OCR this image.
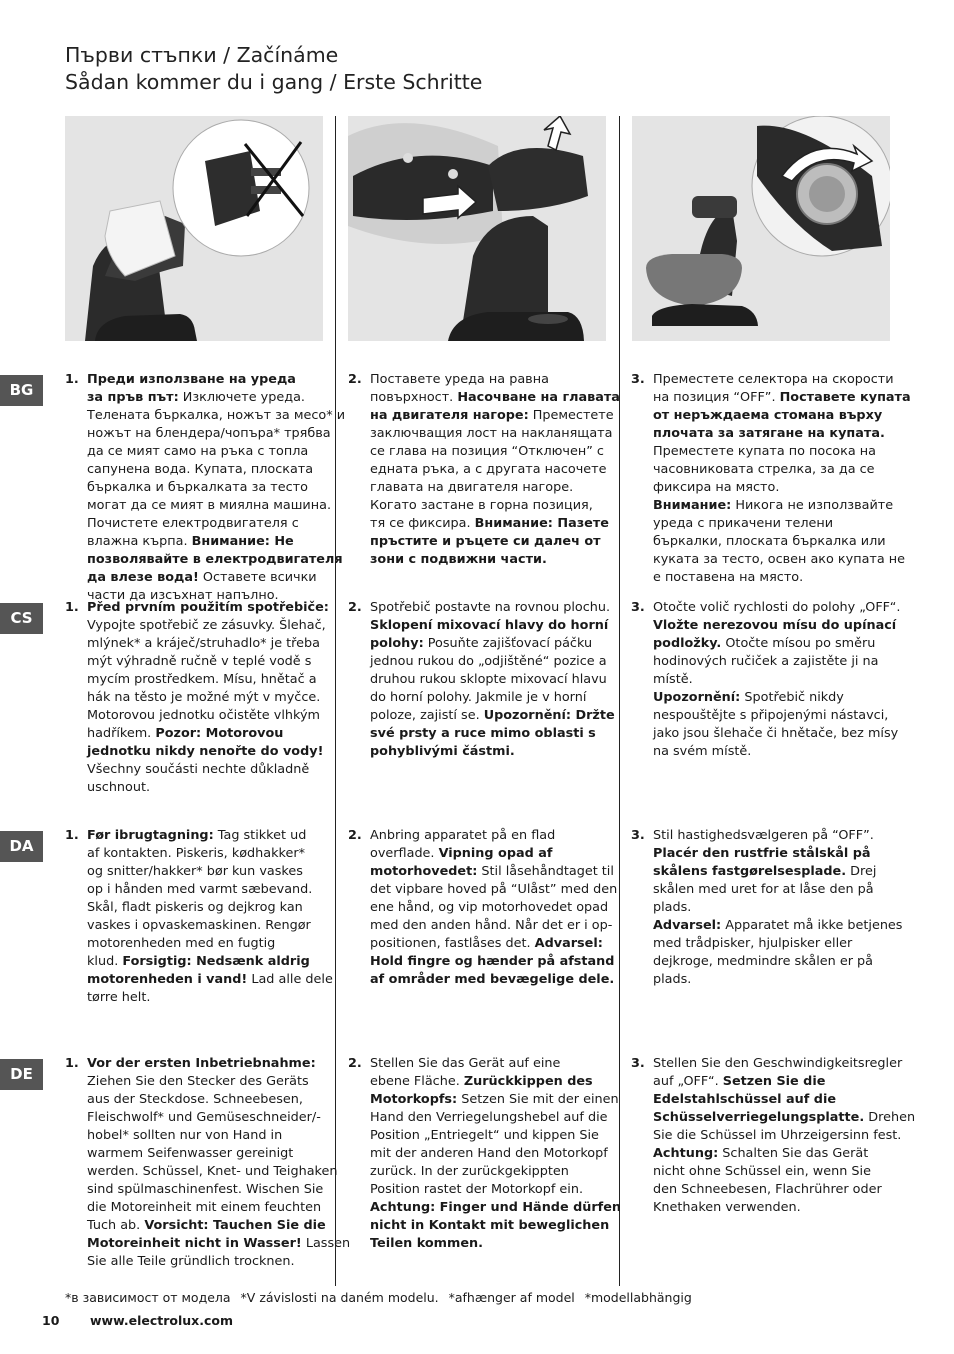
Първи стъпки / Začínáme
Sådan kommer du i gang / Erste Schritte
BG
CS
DA
DE
1. Преди използване на уреда
за пръв път: Изключете уреда.
Телената бъркалка, ножът за месо* и
ножът на блендера/чопъра* трябва
да се мият само на ръка с топла
сапунена вода. Купата, плоската
бъркалка и бъркалката за тесто
могат да се мият в миялна машина.
Почистете електродвигателя с
влажна кърпа. Внимание: Не
позволявайте в електродвигателя
да влезе вода! Оставете всички
части да изсъхнат напълно.
2. Поставете уреда на равна
повърхност. Насочване на главата
на двигателя нагоре: Преместете
заключващия лост на накланящата
се глава на позиция “Отключен” с
едната ръка, а с другата насочете
главата на двигателя нагоре.
Когато застане в горна позиция,
тя се фиксира. Внимание: Пазете
пръстите и ръцете си далеч от
зони с подвижни части.
3. Преместете селектора на скорости
на позиция “OFF”. Поставете купата
от неръждаема стомана върху
плочата за затягане на купата.
Преместете купата по посока на
часовниковата стрелка, за да се
фиксира на място.
Внимание: Никога не използвайте
уреда с прикачени телени
бъркалки, плоската бъркалка или
куката за тесто, освен ако купата не
е поставена на място.
1. Před prvním použitím spotřebiče:
Vypojte spotřebič ze zásuvky. Šlehač,
mlýnek* a kráječ/struhadlo* je třeba
mýt výhradně ručně v teplé vodě s
mycím prostředkem. Mísu, hnětač a
hák na těsto je možné mýt v myčce.
Motorovou jednotku očistěte vlhkým
hadříkem. Pozor: Motorovou
jednotku nikdy nenořte do vody!
Všechny součásti nechte důkladně
uschnout.
2. Spotřebič postavte na rovnou plochu.
Sklopení mixovací hlavy do horní
polohy: Posuňte zajišťovací páčku
jednou rukou do „odjištěné“ pozice a
druhou rukou sklopte mixovací hlavu
do horní polohy. Jakmile je v horní
poloze, zajistí se. Upozornění: Držte
své prsty a ruce mimo oblasti s
pohyblivými částmi.
3. Otočte volič rychlosti do polohy „OFF“.
Vložte nerezovou mísu do upínací
podložky. Otočte mísou po směru
hodinových ručiček a zajistěte ji na
místě.
Upozornění: Spotřebič nikdy
nespouštějte s připojenými nástavci,
jako jsou šlehače či hnětače, bez mísy
na svém místě.
1. Før ibrugtagning: Tag stikket ud
af kontakten. Piskeris, kødhakker*
og snitter/hakker* bør kun vaskes
op i hånden med varmt sæbevand.
Skål, fladt piskeris og dejkrog kan
vaskes i opvaskemaskinen. Rengør
motorenheden med en fugtig
klud. Forsigtig: Nedsænk aldrig
motorenheden i vand! Lad alle dele
tørre helt.
2. Anbring apparatet på en flad
overflade. Vipning opad af
motorhovedet: Stil låsehåndtaget til
det vipbare hoved på “Ulåst” med den
ene hånd, og vip motorhovedet opad
med den anden hånd. Når det er i op-
positionen, fastlåses det. Advarsel:
Hold fingre og hænder på afstand
af områder med bevægelige dele.
3. Stil hastighedsvælgeren på “OFF”.
Placér den rustfrie stålskål på
skålens fastgørelsesplade. Drej
skålen med uret for at låse den på
plads.
Advarsel: Apparatet må ikke betjenes
med trådpisker, hjulpisker eller
dejkroge, medmindre skålen er på
plads.
1. Vor der ersten Inbetriebnahme:
Ziehen Sie den Stecker des Geräts
aus der Steckdose. Schneebesen,
Fleischwolf* und Gemüseschneider/-
hobel* sollten nur von Hand in
warmem Seifenwasser gereinigt
werden. Schüssel, Knet- und Teighaken
sind spülmaschinenfest. Wischen Sie
die Motoreinheit mit einem feuchten
Tuch ab. Vorsicht: Tauchen Sie die
Motoreinheit nicht in Wasser! Lassen
Sie alle Teile gründlich trocknen.
2. Stellen Sie das Gerät auf eine
ebene Fläche. Zurückkippen des
Motorkopfs: Setzen Sie mit der einen
Hand den Verriegelungshebel auf die
Position „Entriegelt“ und kippen Sie
mit der anderen Hand den Motorkopf
zurück. In der zurückgekippten
Position rastet der Motorkopf ein.
Achtung: Finger und Hände dürfen
nicht in Kontakt mit beweglichen
Teilen kommen.
3. Stellen Sie den Geschwindigkeitsregler
auf „OFF“. Setzen Sie die
Edelstahlschüssel auf die
Schüsselverriegelungsplatte. Drehen
Sie die Schüssel im Uhrzeigersinn fest.
Achtung: Schalten Sie das Gerät
nicht ohne Schüssel ein, wenn Sie
den Schneebesen, Flachrührer oder
Knethaken verwenden.
*в зависимост от модела *V závislosti na daném modelu. *afhænger af model *modellabhängig
10 www.electrolux.com
